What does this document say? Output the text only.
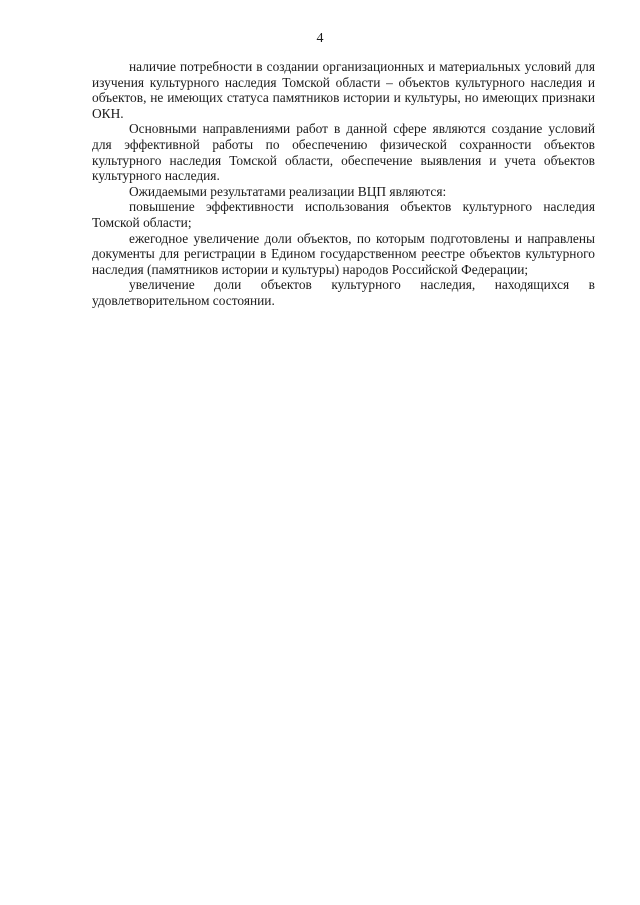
4

наличие потребности в создании организационных и материальных условий для изучения культурного наследия Томской области – объектов культурного наследия и объектов, не имеющих статуса памятников истории и культуры, но имеющих признаки ОКН.

Основными направлениями работ в данной сфере являются создание условий для эффективной работы по обеспечению физической сохранности объектов культурного наследия Томской области, обеспечение выявления и учета объектов культурного наследия.

Ожидаемыми результатами реализации ВЦП являются:

повышение эффективности использования объектов культурного наследия Томской области;

ежегодное увеличение доли объектов, по которым подготовлены и направлены документы для регистрации в Едином государственном реестре объектов культурного наследия (памятников истории и культуры) народов Российской Федерации;

увеличение доли объектов культурного наследия, находящихся в удовлетворительном состоянии.
